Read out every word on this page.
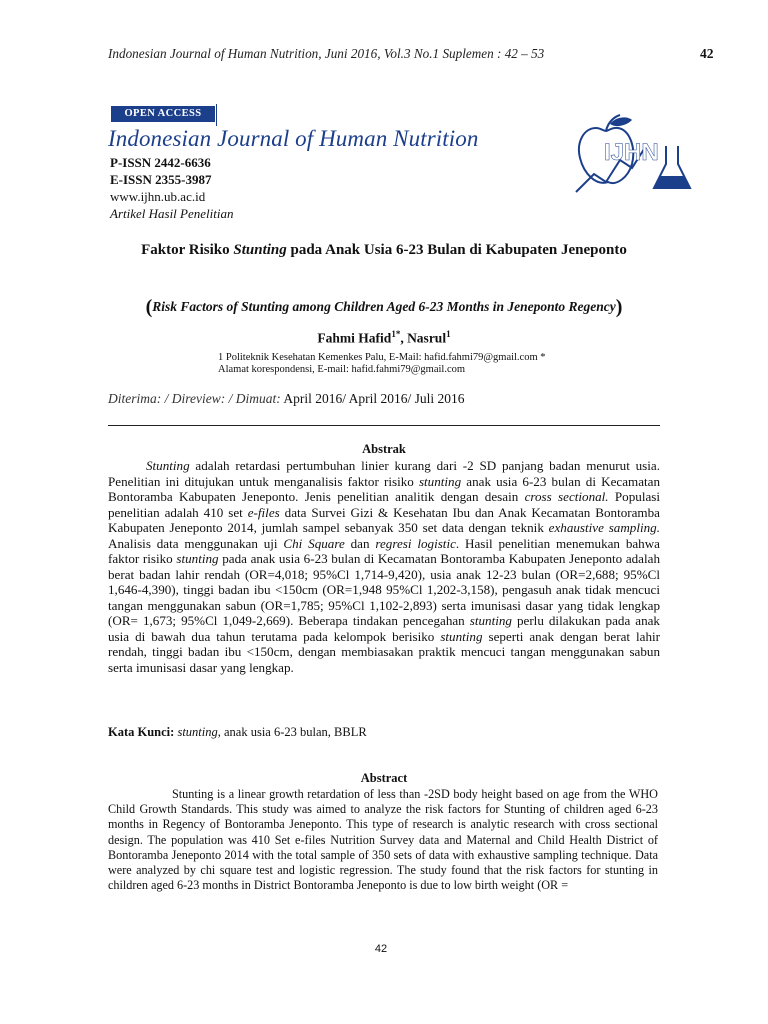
Indonesian Journal of Human Nutrition, Juni 2016, Vol.3 No.1 Suplemen : 42 – 53	42
OPEN ACCESS
Indonesian Journal of Human Nutrition
P-ISSN 2442-6636
E-ISSN 2355-3987
www.ijhn.ub.ac.id
Artikel Hasil Penelitian
IJHN
Faktor Risiko Stunting pada Anak Usia 6-23 Bulan di Kabupaten Jeneponto
(Risk Factors of Stunting among Children Aged 6-23 Months in Jeneponto Regency)
Fahmi Hafid$^{1*}$, Nasrul$^1$
1 Politeknik Kesehatan Kemenkes Palu, E-Mail: hafid.fahmi79@gmail.com *
Alamat korespondensi, E-mail: hafid.fahmi79@gmail.com
Diterima: / Direview: / Dimuat: April 2016/ April 2016/ Juli 2016
Abstrak
Stunting adalah retardasi pertumbuhan linier kurang dari -2 SD panjang badan menurut usia. Penelitian ini ditujukan untuk menganalisis faktor risiko stunting anak usia 6-23 bulan di Kecamatan Bontoramba Kabupaten Jeneponto. Jenis penelitian analitik dengan desain cross sectional. Populasi penelitian adalah 410 set e-files data Survei Gizi & Kesehatan Ibu dan Anak Kecamatan Bontoramba Kabupaten Jeneponto 2014, jumlah sampel sebanyak 350 set data dengan teknik exhaustive sampling. Analisis data menggunakan uji Chi Square dan regresi logistic. Hasil penelitian menemukan bahwa faktor risiko stunting pada anak usia 6-23 bulan di Kecamatan Bontoramba Kabupaten Jeneponto adalah berat badan lahir rendah (OR=4,018; 95%Cl 1,714-9,420), usia anak 12-23 bulan (OR=2,688; 95%Cl 1,646-4,390), tinggi badan ibu <150cm (OR=1,948 95%Cl 1,202-3,158), pengasuh anak tidak mencuci tangan menggunakan sabun (OR=1,785; 95%Cl 1,102-2,893) serta imunisasi dasar yang tidak lengkap (OR= 1,673; 95%Cl 1,049-2,669). Beberapa tindakan pencegahan stunting perlu dilakukan pada anak usia di bawah dua tahun terutama pada kelompok berisiko stunting seperti anak dengan berat lahir rendah, tinggi badan ibu <150cm, dengan membiasakan praktik mencuci tangan menggunakan sabun serta imunisasi dasar yang lengkap.
Kata Kunci: stunting, anak usia 6-23 bulan, BBLR
Abstract
Stunting is a linear growth retardation of less than -2SD body height based on age from the WHO Child Growth Standards. This study was aimed to analyze the risk factors for Stunting of children aged 6-23 months in Regency of Bontoramba Jeneponto. This type of research is analytic research with cross sectional design. The population was 410 Set e-files Nutrition Survey data and Maternal and Child Health District of Bontoramba Jeneponto 2014 with the total sample of 350 sets of data with exhaustive sampling technique. Data were analyzed by chi square test and logistic regression. The study found that the risk factors for stunting in children aged 6-23 months in District Bontoramba Jeneponto is due to low birth weight (OR =
42
